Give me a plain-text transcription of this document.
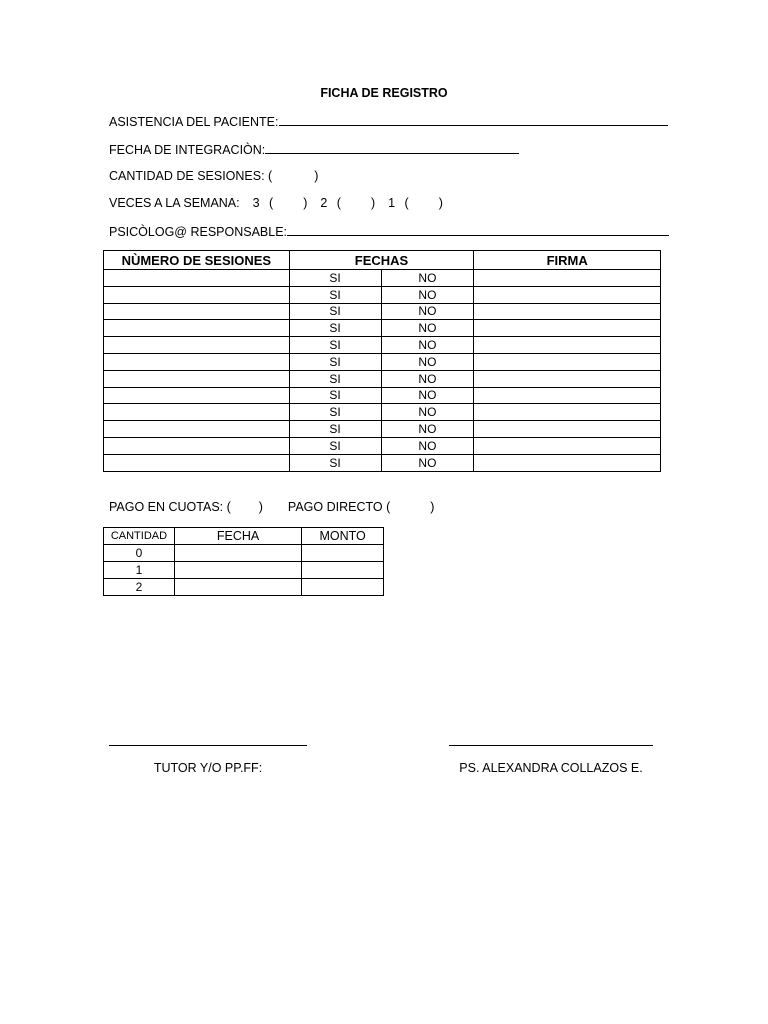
FICHA DE REGISTRO
ASISTENCIA DEL PACIENTE:
FECHA DE INTEGRACIÒN:
CANTIDAD DE SESIONES: (	)
VECES A LA SEMANA: 3 ( ) 2 ( ) 1 ( )
PSICÒLOG@ RESPONSABLE:
NÙMERO DE SESIONES	FECHAS		FIRMA
	SI	NO	
	SI	NO	
	SI	NO	
	SI	NO	
	SI	NO	
	SI	NO	
	SI	NO	
	SI	NO	
	SI	NO	
	SI	NO	
	SI	NO	
	SI	NO	
PAGO EN CUOTAS: ( ) PAGO DIRECTO (	)
CANTIDAD	FECHA	MONTO
0		
1		
2		
TUTOR Y/O PP.FF:	PS. ALEXANDRA COLLAZOS E.
